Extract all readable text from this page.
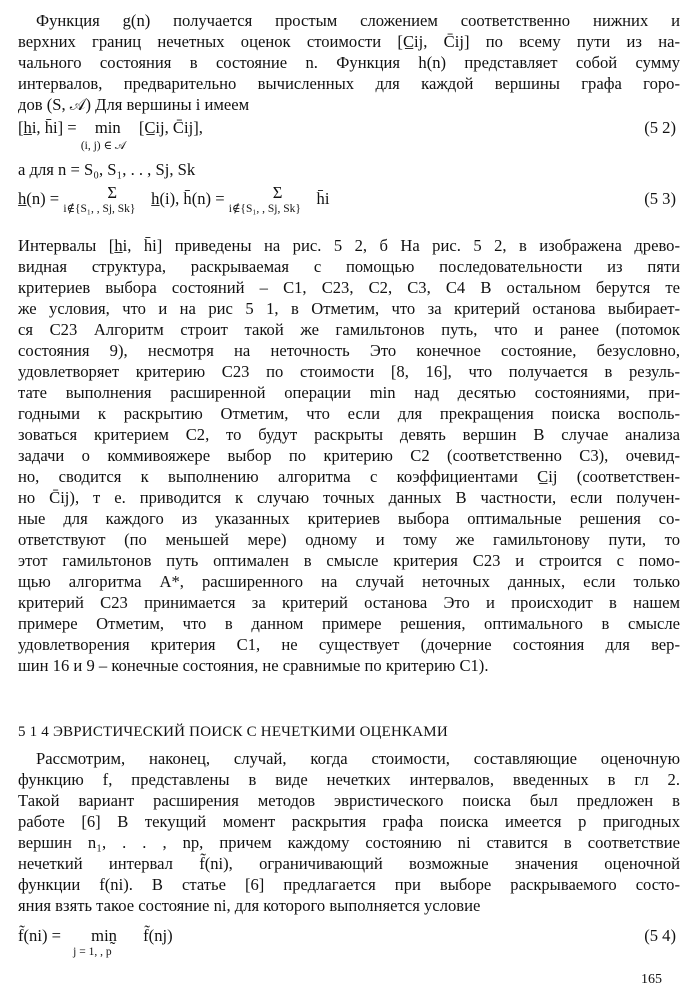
Функция g(n) получается простым сложением соответственно нижних и
верхних границ нечетных оценок стоимости [C̲ij, C̄ij] по всему пути из на-
чального состояния в состояние n. Функция h(n) представляет собой сумму
интервалов, предварительно вычисленных для каждой вершины графа горо-
дов (S, 𝒜) Для вершины i имеем
[h̲i, h̄i] = min
(i, j) ∈ 𝒜
[C̲ij, C̄ij],	(5 2)
а для n = S₀, S₁, . . , Sj, Sk
h̲(n) =	Σ
i∉{S₁, , Sj, Sk}
h̲(i), h̄(n) =	Σ
i∉{S₁, , Sj, Sk}
h̄i	(5 3)
Интервалы [h̲i, h̄i] приведены на рис. 5 2, б На рис. 5 2, в изображена древо-
видная структура, раскрываемая с помощью последовательности из пяти
критериев выбора состояний – C1, C23, C2, C3, C4 В остальном берутся те
же условия, что и на рис 5 1, в Отметим, что за критерий останова выбирает-
ся C23 Алгоритм строит такой же гамильтонов путь, что и ранее (потомок
состояния 9), несмотря на неточность Это конечное состояние, безусловно,
удовлетворяет критерию C23 по стоимости [8, 16], что получается в резуль-
тате выполнения расширенной операции min над десятью состояниями, при-
годными к раскрытию Отметим, что если для прекращения поиска восполь-
зоваться критерием C2, то будут раскрыты девять вершин В случае анализа
задачи о коммивояжере выбор по критерию C2 (соответственно C3), очевид-
но, сводится к выполнению алгоритма с коэффициентами C̲ij (соответствен-
но C̄ij), т е. приводится к случаю точных данных В частности, если получен-
ные для каждого из указанных критериев выбора оптимальные решения со-
ответствуют (по меньшей мере) одному и тому же гамильтонову пути, то
этот гамильтонов путь оптимален в смысле критерия C23 и строится с помо-
щью алгоритма A*, расширенного на случай неточных данных, если только
критерий C23 принимается за критерий останова Это и происходит в нашем
примере Отметим, что в данном примере решения, оптимального в смысле
удовлетворения критерия C1, не существует (дочерние состояния для вер-
шин 16 и 9 – конечные состояния, не сравнимые по критерию C1).
5 1 4 ЭВРИСТИЧЕСКИЙ ПОИСК С НЕЧЕТКИМИ ОЦЕНКАМИ
Рассмотрим, наконец, случай, когда стоимости, составляющие оценочную
функцию f, представлены в виде нечетких интервалов, введенных в гл 2.
Такой вариант расширения методов эвристического поиска был предложен в
работе [6] В текущий момент раскрытия графа поиска имеется p пригодных
вершин n₁, . . , np, причем каждому состоянию ni ставится в соответствие
нечеткий интервал f̃(ni), ограничивающий возможные значения оценочной
функции f(ni). В статье [6] предлагается при выборе раскрываемого состо-
яния взять такое состояние ni, для которого выполняется условие
f̃(ni) = min̰
j = 1, , p
f̃(nj)	(5 4)
165
